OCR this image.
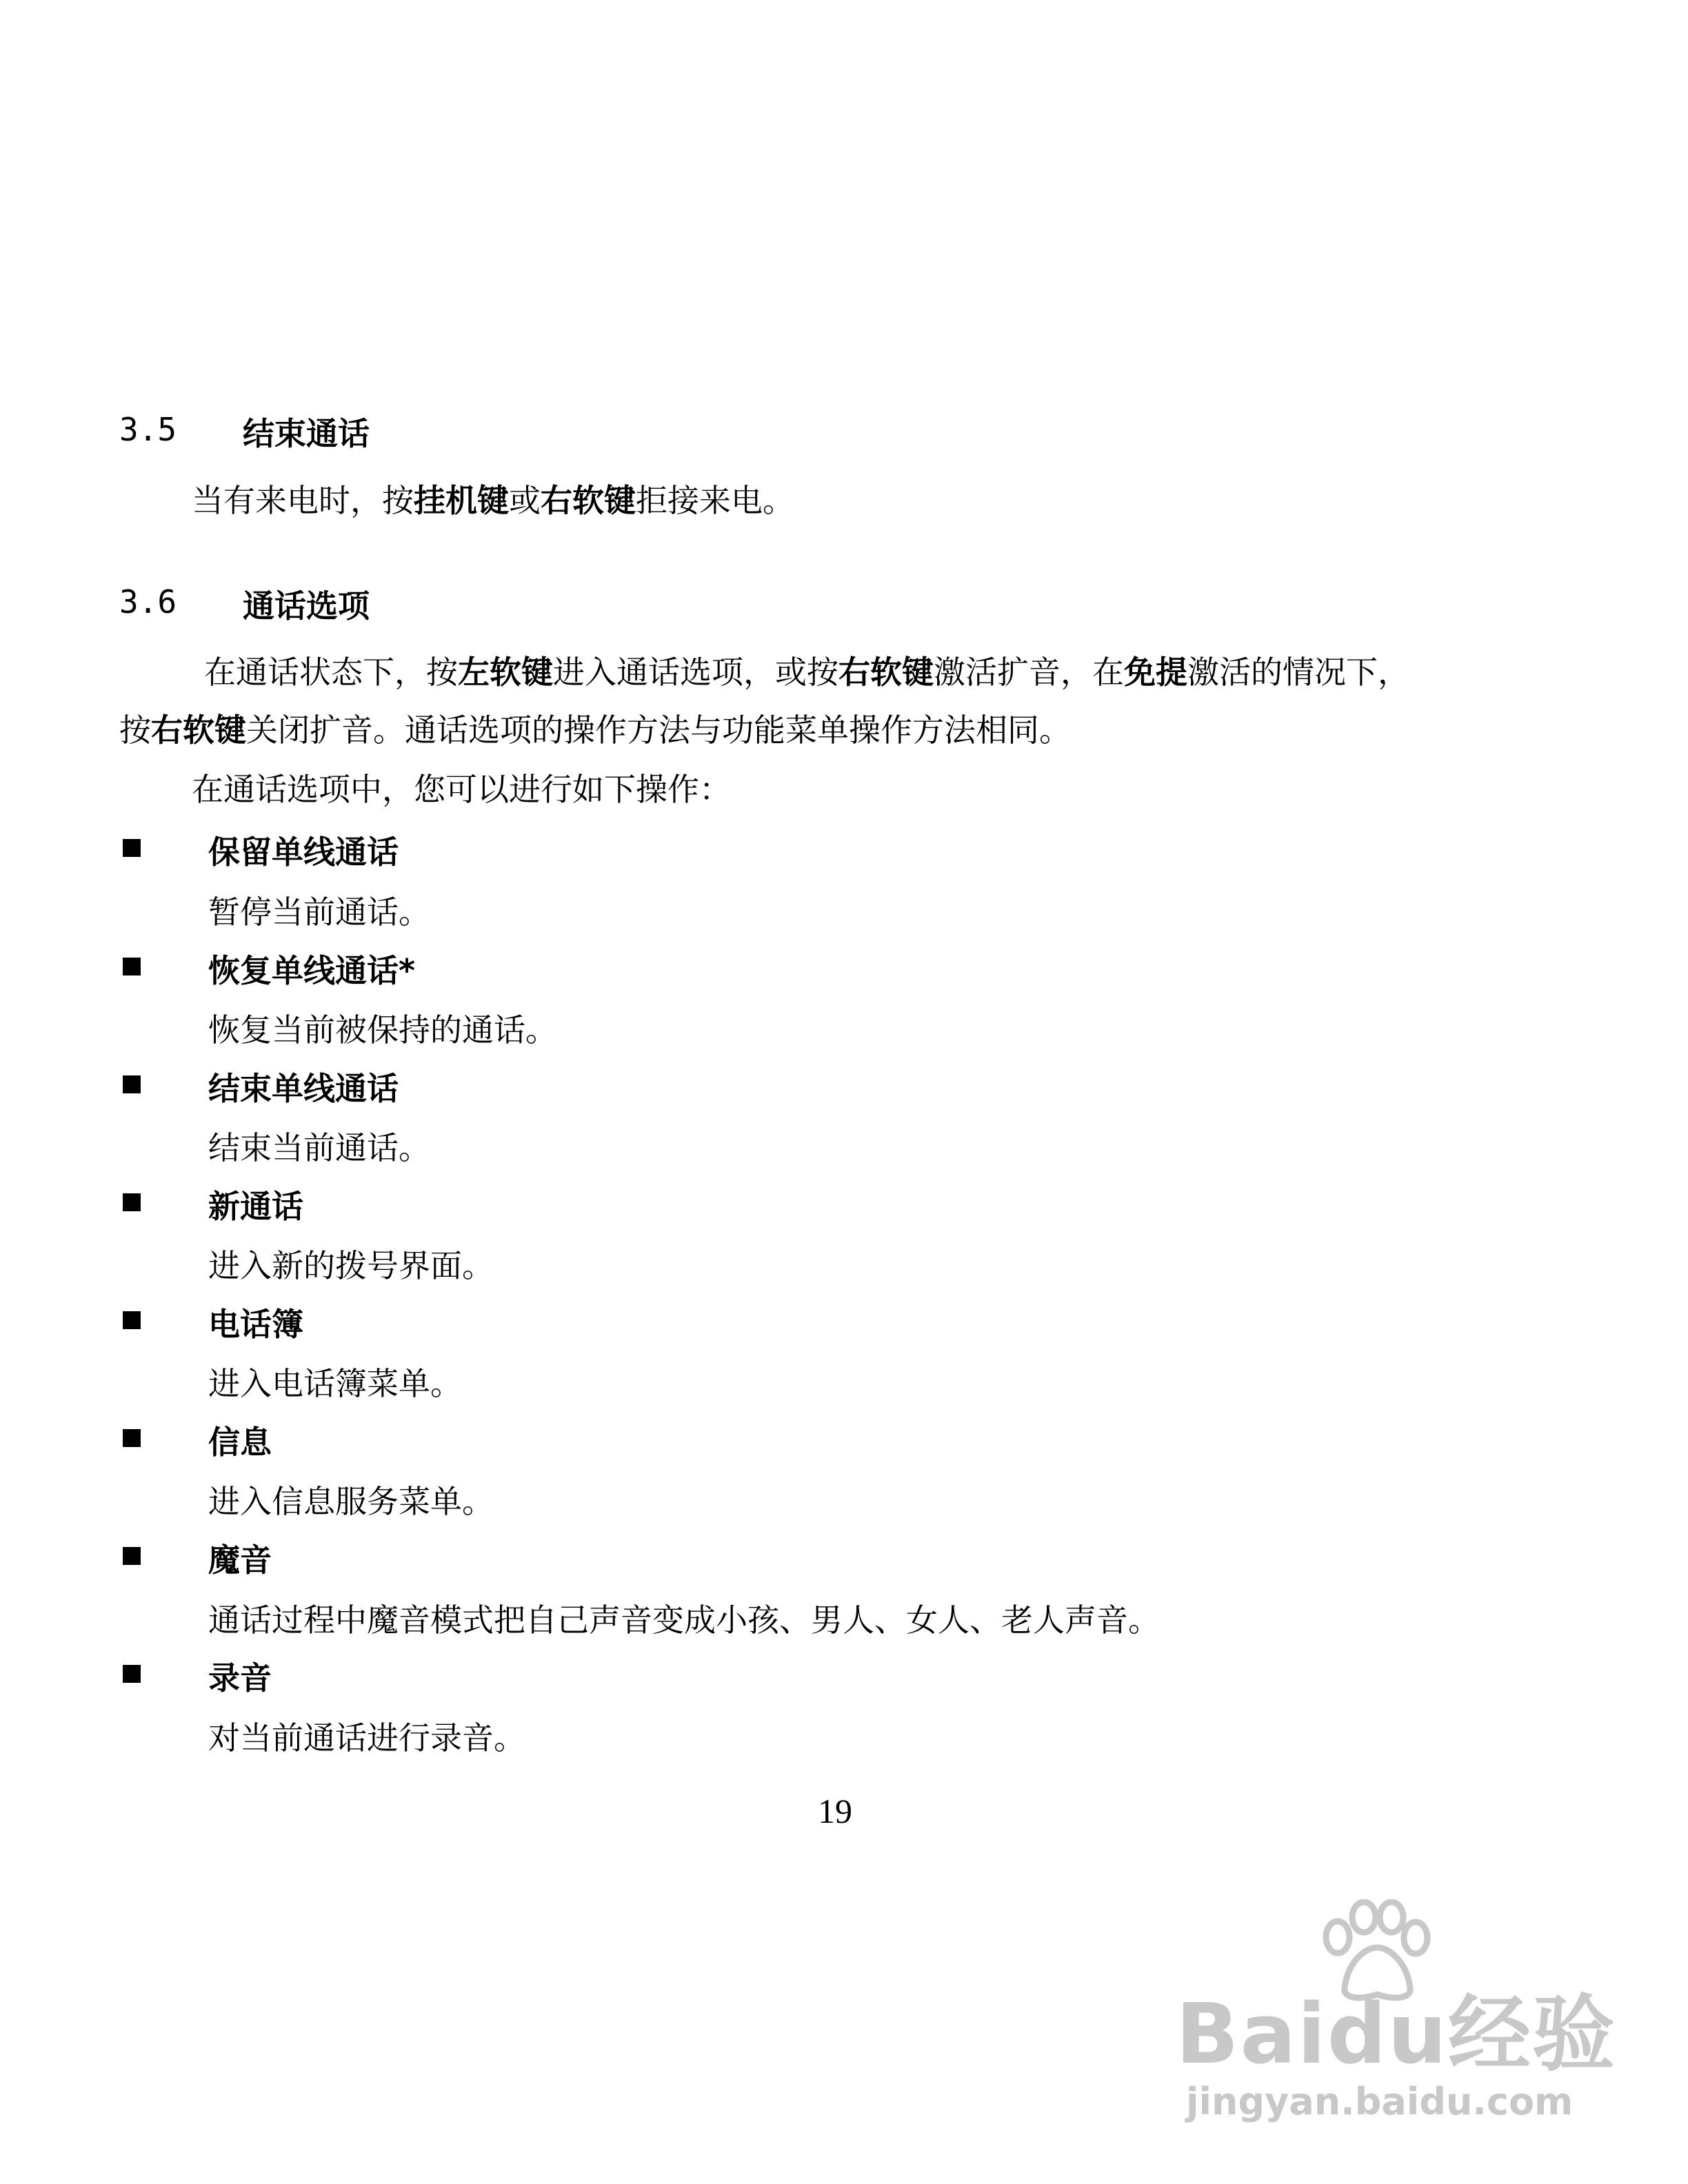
3.5 结束通话
当有来电时，按挂机键或右软键拒接来电。
3.6 通话选项
在通话状态下，按左软键进入通话选项，或按右软键激活扩音，在免提激活的情况下，
按右软键关闭扩音。通话选项的操作方法与功能菜单操作方法相同。
在通话选项中，您可以进行如下操作：
保留单线通话
暂停当前通话。
恢复单线通话*
恢复当前被保持的通话。
结束单线通话
结束当前通话。
新通话
进入新的拨号界面。
电话簿
进入电话簿菜单。
信息
进入信息服务菜单。
魔音
通话过程中魔音模式把自己声音变成小孩、男人、女人、老人声音。
录音
对当前通话进行录音。
19
Baidu经验
jingyan.baidu.com
